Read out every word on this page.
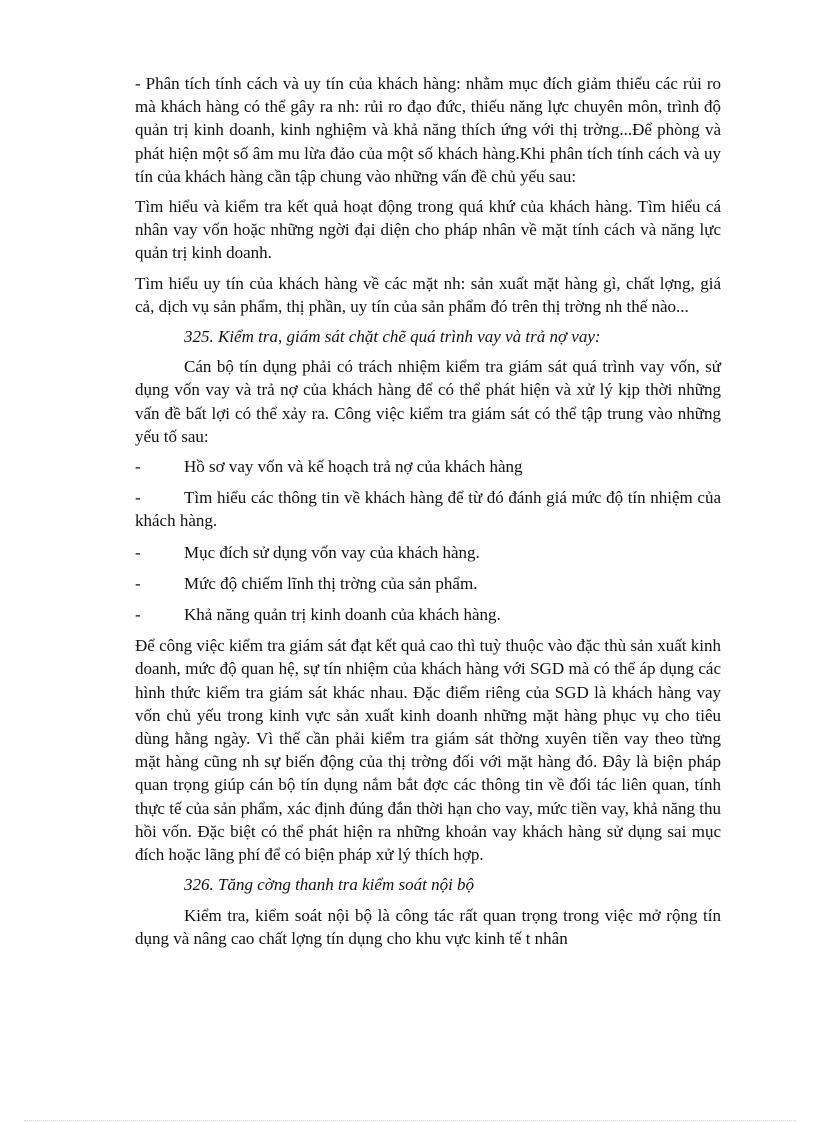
- Phân tích tính cách và uy tín của khách hàng: nhằm mục đích giảm thiểu các rủi ro mà khách hàng có thể gây ra nh: rủi ro đạo đức, thiếu năng lực chuyên môn, trình độ quản trị kinh doanh, kinh nghiệm và khả năng thích ứng với thị trờng...Để phòng và phát hiện một số âm mu lừa đảo của một số khách hàng.Khi phân tích tính cách và uy tín của khách hàng cần tập chung vào những vấn đề chủ yếu sau:

Tìm hiểu và kiểm tra kết quả hoạt động trong quá khứ của khách hàng. Tìm hiểu cá nhân vay vốn hoặc những ngời đại diện cho pháp nhân về mặt tính cách và năng lực quản trị kinh doanh.

Tìm hiểu uy tín của khách hàng về các mặt nh: sản xuất mặt hàng gì, chất lợng, giá cả, dịch vụ sản phẩm, thị phần, uy tín của sản phẩm đó trên thị trờng nh thế nào...

325. Kiểm tra, giám sát chặt chẽ quá trình vay và trả nợ vay:

Cán bộ tín dụng phải có trách nhiệm kiểm tra giám sát quá trình vay vốn, sử dụng vốn vay và trả nợ của khách hàng để có thể phát hiện và xử lý kịp thời những vấn đề bất lợi có thể xảy ra. Công việc kiểm tra giám sát có thể tập trung vào những yếu tố sau:

-	Hồ sơ vay vốn và kế hoạch trả nợ của khách hàng
-	Tìm hiểu các thông tin về khách hàng để từ đó đánh giá mức độ tín nhiệm của khách hàng.
-	Mục đích sử dụng vốn vay của khách hàng.
-	Mức độ chiếm lĩnh thị trờng của sản phẩm.
-	Khả năng quản trị kinh doanh của khách hàng.

Để công việc kiểm tra giám sát đạt kết quả cao thì tuỳ thuộc vào đặc thù sản xuất kinh doanh, mức độ quan hệ, sự tín nhiệm của khách hàng với SGD mà có thể áp dụng các hình thức kiểm tra giám sát khác nhau. Đặc điểm riêng của SGD là khách hàng vay vốn chủ yếu trong kinh vực sản xuất kinh doanh những mặt hàng phục vụ cho tiêu dùng hằng ngày. Vì thế cần phải kiểm tra giám sát thờng xuyên tiền vay theo từng mặt hàng cũng nh sự biến động của thị trờng đối với mặt hàng đó. Đây là biện pháp quan trọng giúp cán bộ tín dụng nắm bắt đợc các thông tin về đối tác liên quan, tính thực tế của sản phẩm, xác định đúng đắn thời hạn cho vay, mức tiền vay, khả năng thu hồi vốn. Đặc biệt có thể phát hiện ra những khoản vay khách hàng sử dụng sai mục đích hoặc lãng phí để có biện pháp xử lý thích hợp.

326. Tăng cờng thanh tra kiểm soát nội bộ

Kiểm tra, kiểm soát nội bộ là công tác rất quan trọng trong việc mở rộng tín dụng và nâng cao chất lợng tín dụng cho khu vực kinh tế t nhân
